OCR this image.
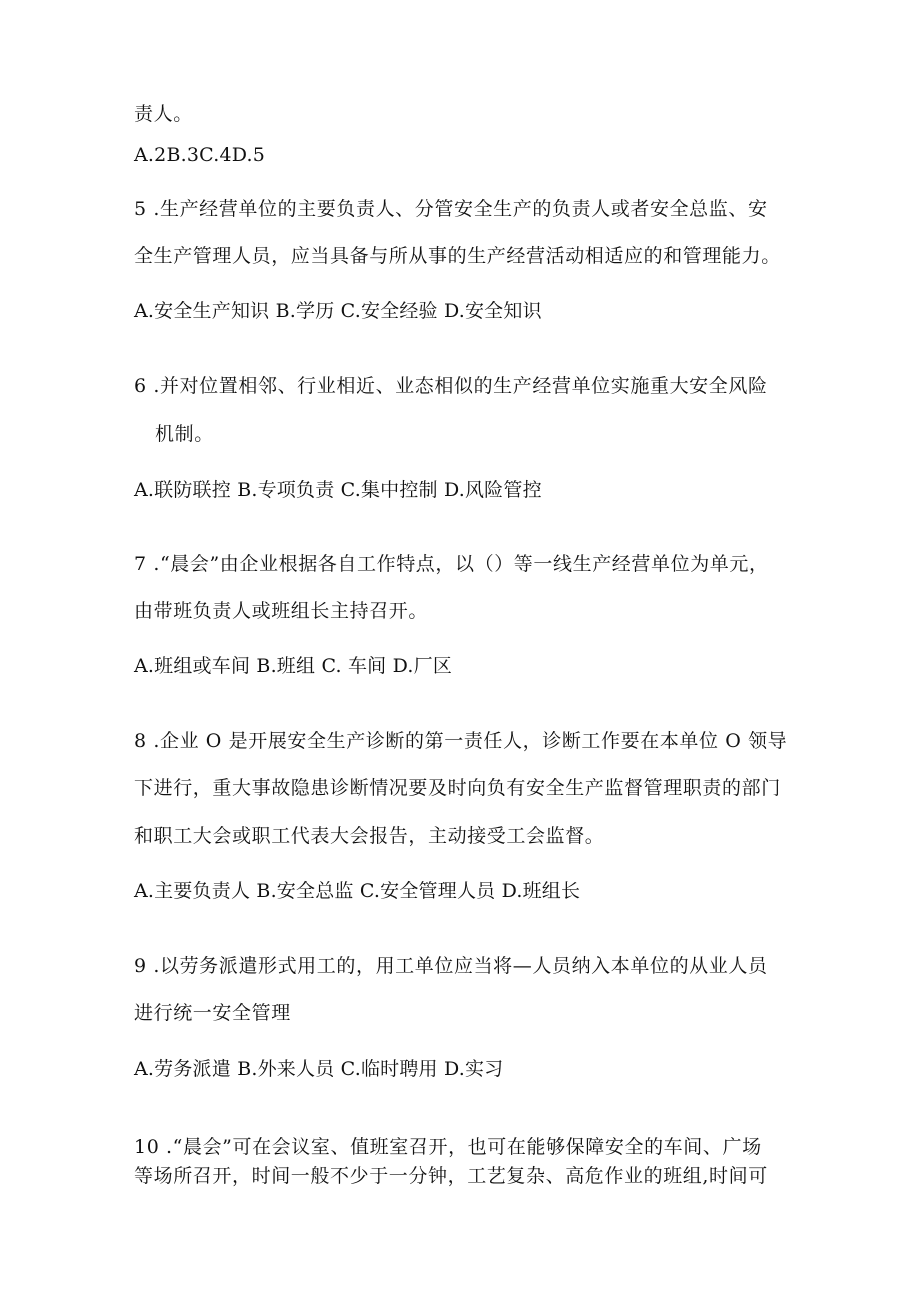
责人。
A.2B.3C.4D.5
5 .生产经营单位的主要负责人、分管安全生产的负责人或者安全总监、安
全生产管理人员，应当具备与所从事的生产经营活动相适应的和管理能力。
A.安全生产知识 B.学历 C.安全经验 D.安全知识
6 .并对位置相邻、行业相近、业态相似的生产经营单位实施重大安全风险
机制。
A.联防联控 B.专项负责 C.集中控制 D.风险管控
7 .“晨会”由企业根据各自工作特点，以（）等一线生产经营单位为单元，
由带班负责人或班组长主持召开。
A.班组或车间 B.班组 C. 车间 D.厂区
8 .企业 O 是开展安全生产诊断的第一责任人，诊断工作要在本单位 O 领导
下进行，重大事故隐患诊断情况要及时向负有安全生产监督管理职责的部门
和职工大会或职工代表大会报告，主动接受工会监督。
A.主要负责人 B.安全总监 C.安全管理人员 D.班组长
9 .以劳务派遣形式用工的，用工单位应当将—人员纳入本单位的从业人员
进行统一安全管理
A.劳务派遣 B.外来人员 C.临时聘用 D.实习
10 .“晨会”可在会议室、值班室召开，也可在能够保障安全的车间、广场
等场所召开，时间一般不少于一分钟，工艺复杂、高危作业的班组,时间可
